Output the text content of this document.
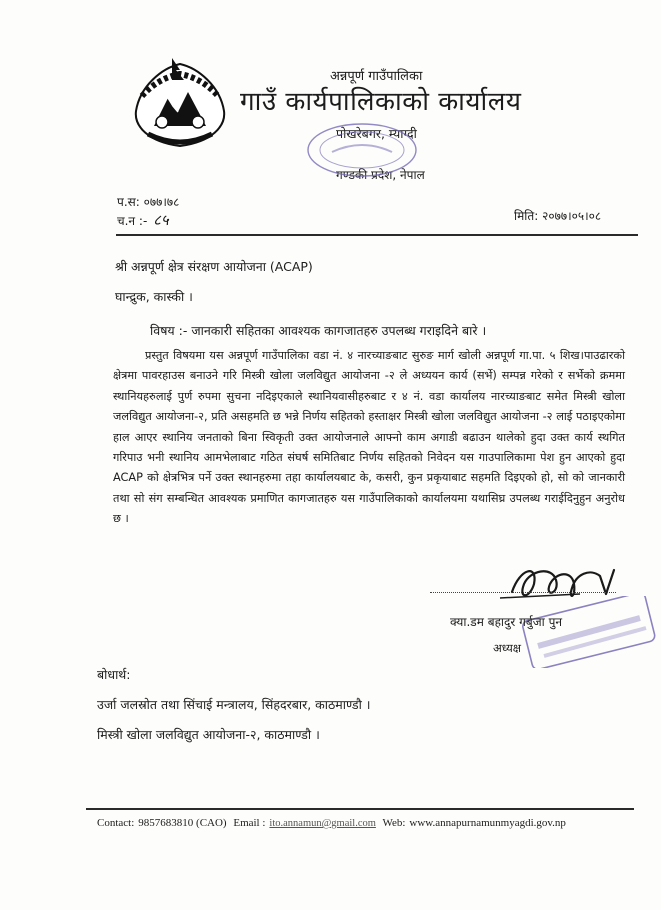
अन्नपूर्ण गाउँपालिका
गाउँ कार्यपालिकाको कार्यालय
पोखरेबगर, म्याग्दी
गण्डकी प्रदेश, नेपाल
प.स: ०७७।७८
च.न :- ८५	मिति: २०७७।०५।०८
श्री अन्नपूर्ण क्षेत्र संरक्षण आयोजना (ACAP)
घान्द्रुक, कास्की ।
विषय :- जानकारी सहितका आवश्यक कागजातहरु उपलब्ध गराइदिने बारे ।
प्रस्तुत विषयमा यस अन्नपूर्ण गाउँपालिका वडा नं. ४ नारच्याङबाट सुरुङ मार्ग खोली अन्नपूर्ण गा.पा. ५ शिख।पाउढारको क्षेत्रमा पावरहाउस बनाउने गरि मिस्त्री खोला जलविद्युत आयोजना -२ ले अध्ययन कार्य (सर्भे) सम्पन्न गरेको र सर्भेको क्रममा स्थानियहरुलाई पुर्ण रुपमा सुचना नदिइएकाले स्थानियवासीहरुबाट र ४ नं. वडा कार्यालय नारच्याङबाट समेत मिस्त्री खोला जलविद्युत आयोजना-२, प्रति असहमति छ भन्ने निर्णय सहितको हस्ताक्षर मिस्त्री खोला जलविद्युत आयोजना -२ लाई पठाइएकोमा हाल आएर स्थानिय जनताको बिना स्विकृती उक्त आयोजनाले आफ्नो काम अगाडी बढाउन थालेको हुदा उक्त कार्य स्थगित गरिपाउ भनी स्थानिय आमभेलाबाट गठित संघर्ष समितिबाट निर्णय सहितको निवेदन यस गाउपालिकामा पेश हुन आएको हुदा ACAP को क्षेत्रभित्र पर्ने उक्त स्थानहरुमा तहा कार्यालयबाट के, कसरी, कुन प्रकृयाबाट सहमति दिइएको हो, सो को जानकारी तथा सो संग सम्बन्धित आवश्यक प्रमाणित कागजातहरु यस गाउँपालिकाको कार्यालयमा यथासिघ्र उपलब्ध गराईदिनुहुन अनुरोध छ ।
क्या.डम बहादुर गर्बुजा पुन
अध्यक्ष
बोधार्थ:
उर्जा जलस्रोत तथा सिंचाई मन्त्रालय, सिंहदरबार, काठमाण्डौ ।
मिस्त्री खोला जलविद्युत आयोजना-२, काठमाण्डौ ।
Contact: 9857683810 (CAO) Email : ito.annamun@gmail.com Web: www.annapurnamunmyagdi.gov.np
